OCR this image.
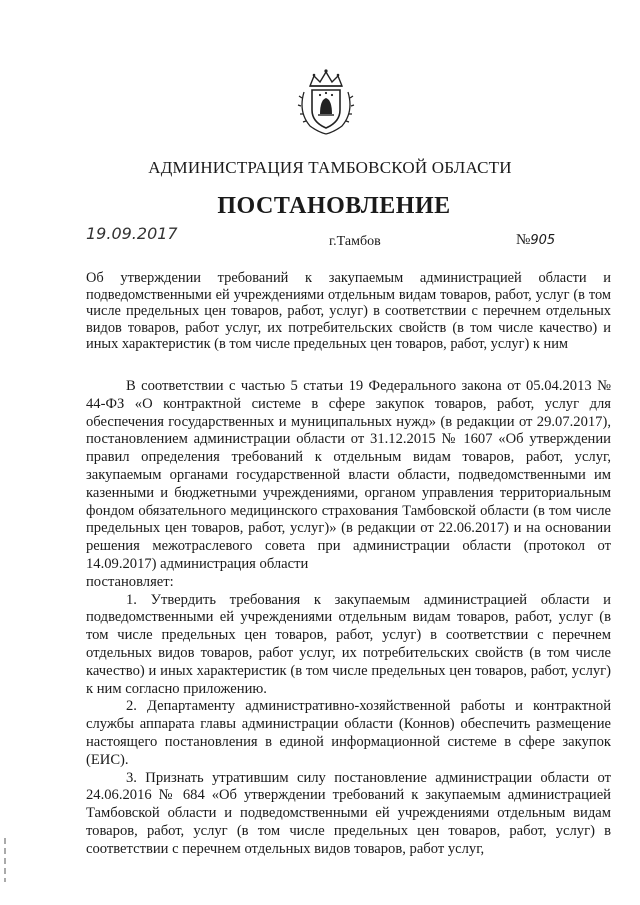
АДМИНИСТРАЦИЯ ТАМБОВСКОЙ ОБЛАСТИ
ПОСТАНОВЛЕНИЕ
19.09.2017	г.Тамбов	№905
Об утверждении требований к закупаемым администрацией области и подведомственными ей учреждениями отдельным видам товаров, работ, услуг (в том числе предельных цен товаров, работ, услуг) в соответствии с перечнем отдельных видов товаров, работ услуг, их потребительских свойств (в том числе качество) и иных характеристик (в том числе предельных цен товаров, работ, услуг) к ним

В соответствии с частью 5 статьи 19 Федерального закона от 05.04.2013 № 44-ФЗ «О контрактной системе в сфере закупок товаров, работ, услуг для обеспечения государственных и муниципальных нужд» (в редакции от 29.07.2017), постановлением администрации области от 31.12.2015 № 1607 «Об утверждении правил определения требований к отдельным видам товаров, работ, услуг, закупаемым органами государственной власти области, подведомственными им казенными и бюджетными учреждениями, органом управления территориальным фондом обязательного медицинского страхования Тамбовской области (в том числе предельных цен товаров, работ, услуг)» (в редакции от 22.06.2017) и на основании решения межотраслевого совета при администрации области (протокол от 14.09.2017) администрация области

постановляет:

1. Утвердить требования к закупаемым администрацией области и подведомственными ей учреждениями отдельным видам товаров, работ, услуг (в том числе предельных цен товаров, работ, услуг) в соответствии с перечнем отдельных видов товаров, работ услуг, их потребительских свойств (в том числе качество) и иных характеристик (в том числе предельных цен товаров, работ, услуг) к ним согласно приложению.

2. Департаменту административно-хозяйственной работы и контрактной службы аппарата главы администрации области (Коннов) обеспечить размещение настоящего постановления в единой информационной системе в сфере закупок (ЕИС).

3. Признать утратившим силу постановление администрации области от 24.06.2016 № 684 «Об утверждении требований к закупаемым администрацией Тамбовской области и подведомственными ей учреждениями отдельным видам товаров, работ, услуг (в том числе предельных цен товаров, работ, услуг) в соответствии с перечнем отдельных видов товаров, работ услуг,
